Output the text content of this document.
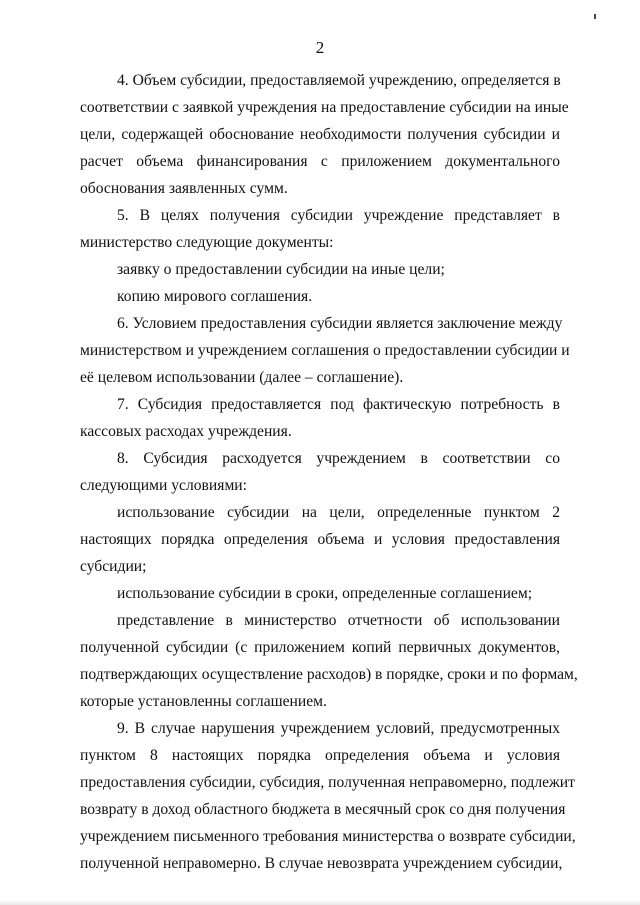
2
4. Объем субсидии, предоставляемой учреждению, определяется в
соответствии с заявкой учреждения на предоставление субсидии на иные
цели, содержащей обоснование необходимости получения субсидии и
расчет объема финансирования с приложением документального
обоснования заявленных сумм.
5. В целях получения субсидии учреждение представляет в
министерство следующие документы:
заявку о предоставлении субсидии на иные цели;
копию мирового соглашения.
6. Условием предоставления субсидии является заключение между
министерством и учреждением соглашения о предоставлении субсидии и
её целевом использовании (далее – соглашение).
7. Субсидия предоставляется под фактическую потребность в
кассовых расходах учреждения.
8. Субсидия расходуется учреждением в соответствии со
следующими условиями:
использование субсидии на цели, определенные пунктом 2
настоящих порядка определения объема и условия предоставления
субсидии;
использование субсидии в сроки, определенные соглашением;
представление в министерство отчетности об использовании
полученной субсидии (с приложением копий первичных документов,
подтверждающих осуществление расходов) в порядке, сроки и по формам,
которые установленны соглашением.
9. В случае нарушения учреждением условий, предусмотренных
пунктом 8 настоящих порядка определения объема и условия
предоставления субсидии, субсидия, полученная неправомерно, подлежит
возврату в доход областного бюджета в месячный срок со дня получения
учреждением письменного требования министерства о возврате субсидии,
полученной неправомерно. В случае невозврата учреждением субсидии,
